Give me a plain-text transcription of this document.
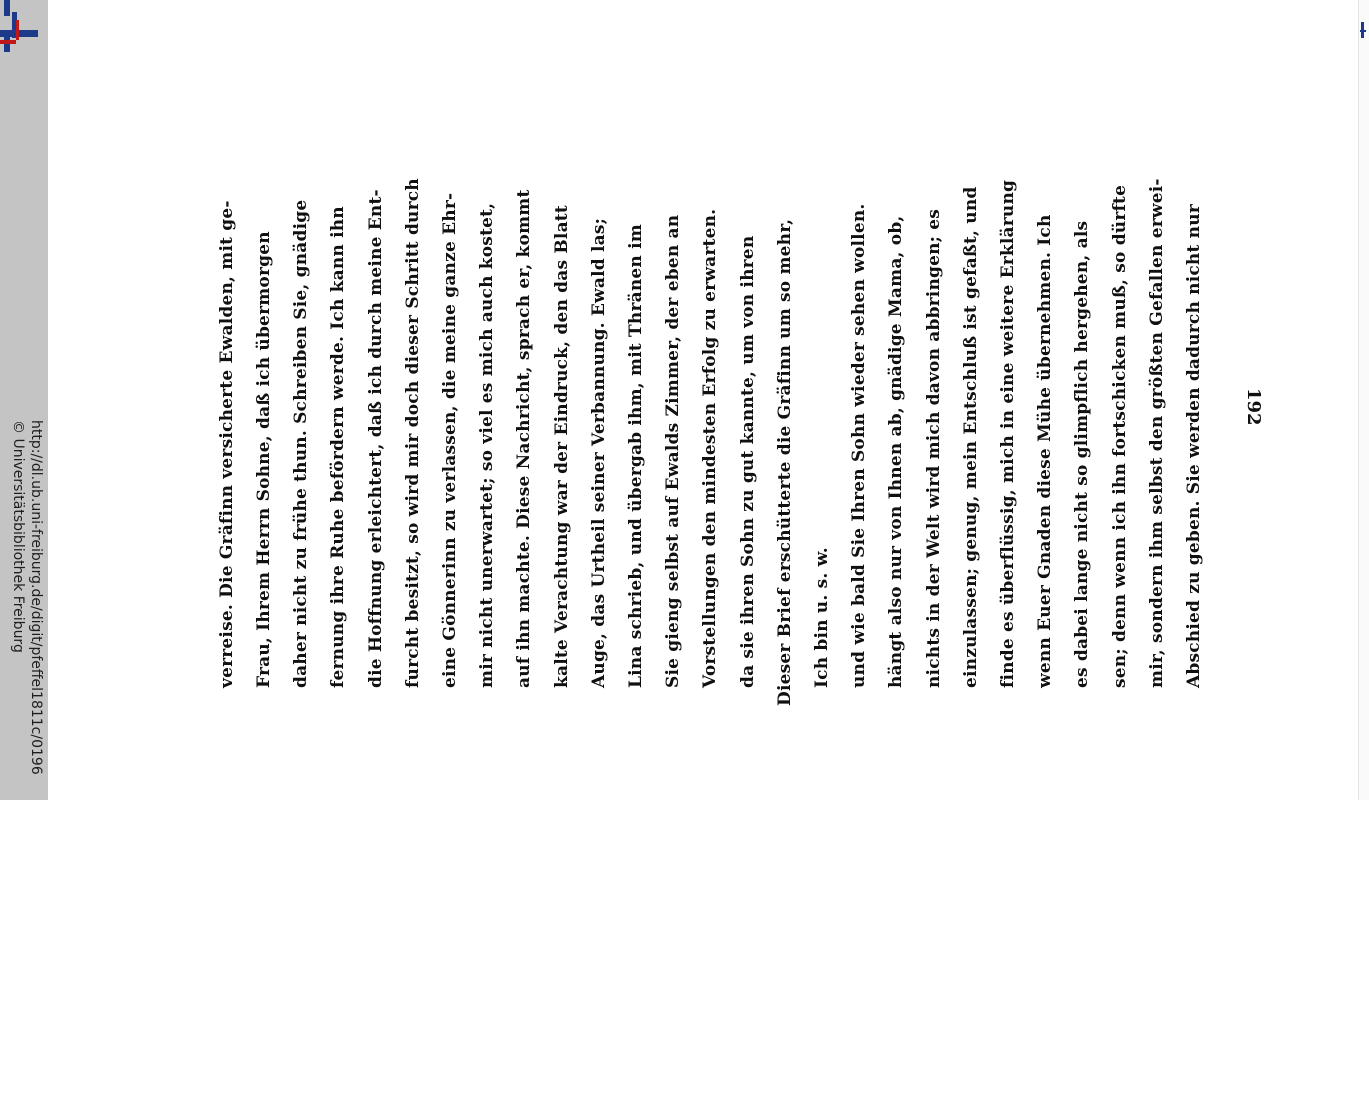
http://dl.ub.uni-freiburg.de/digit/pfeffel1811c/0196
© Universitätsbibliothek Freiburg
192
Abschied zu geben. Sie werden dadurch nicht nur
mir, sondern ihm selbst den größten Gefallen erwei-
sen; denn wenn ich ihn fortschicken muß, so dürfte
es dabei lange nicht so glimpflich hergehen, als
wenn Euer Gnaden diese Mühe übernehmen. Ich
finde es überflüssig, mich in eine weitere Erklärung
einzulassen; genug, mein Entschluß ist gefaßt, und
nichts in der Welt wird mich davon abbringen; es
hängt also nur von Ihnen ab, gnädige Mama, ob,
und wie bald Sie Ihren Sohn wieder sehen wollen.
Ich bin u. s. w.
Dieser Brief erschütterte die Gräfinn um so mehr,
da sie ihren Sohn zu gut kannte, um von ihren
Vorstellungen den mindesten Erfolg zu erwarten.
Sie gieng selbst auf Ewalds Zimmer, der eben an
Lina schrieb, und übergab ihm, mit Thränen im
Auge, das Urtheil seiner Verbannung. Ewald las;
kalte Verachtung war der Eindruck, den das Blatt
auf ihn machte. Diese Nachricht, sprach er, kommt
mir nicht unerwartet; so viel es mich auch kostet,
eine Gönnerinn zu verlassen, die meine ganze Ehr-
furcht besitzt, so wird mir doch dieser Schritt durch
die Hoffnung erleichtert, daß ich durch meine Ent-
fernung ihre Ruhe befördern werde. Ich kann ihn
daher nicht zu frühe thun. Schreiben Sie, gnädige
Frau, Ihrem Herrn Sohne, daß ich übermorgen
verreise. Die Gräfinn versicherte Ewalden, mit ge-
